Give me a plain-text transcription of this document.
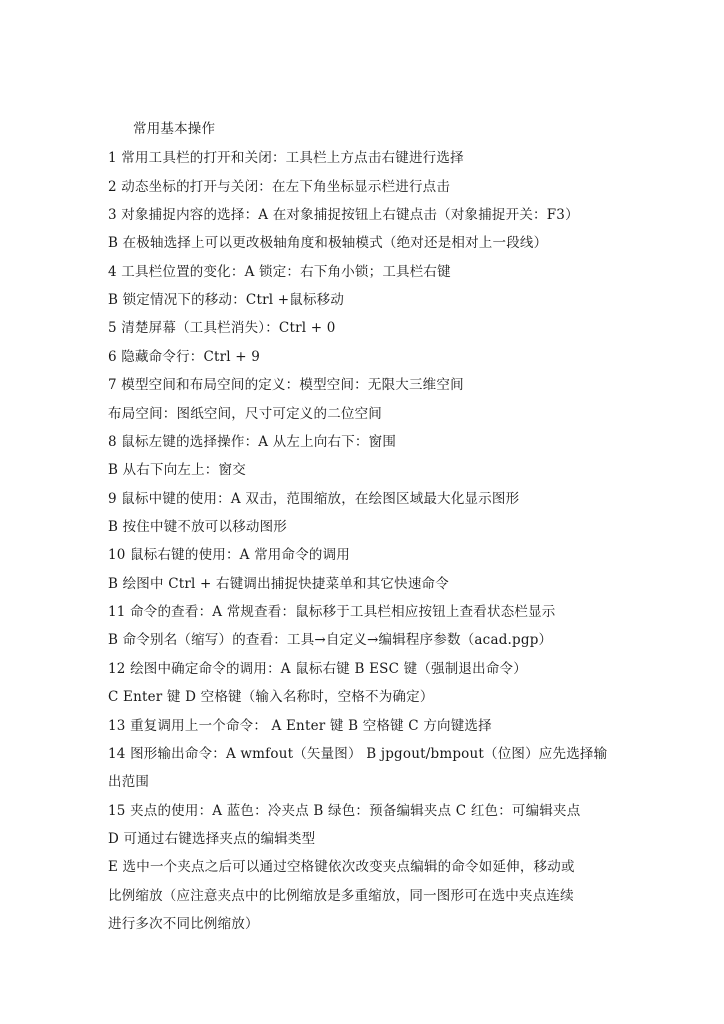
常用基本操作
1 常用工具栏的打开和关闭：工具栏上方点击右键进行选择
2 动态坐标的打开与关闭：在左下角坐标显示栏进行点击
3 对象捕捉内容的选择：A 在对象捕捉按钮上右键点击（对象捕捉开关：F3）
B 在极轴选择上可以更改极轴角度和极轴模式（绝对还是相对上一段线）
4 工具栏位置的变化：A 锁定：右下角小锁；工具栏右键
B 锁定情况下的移动：Ctrl +鼠标移动
5 清楚屏幕（工具栏消失）：Ctrl + 0
6 隐藏命令行：Ctrl + 9
7 模型空间和布局空间的定义：模型空间：无限大三维空间
布局空间：图纸空间，尺寸可定义的二位空间
8 鼠标左键的选择操作：A 从左上向右下：窗围
B 从右下向左上：窗交
9 鼠标中键的使用：A 双击，范围缩放，在绘图区域最大化显示图形
B 按住中键不放可以移动图形
10 鼠标右键的使用：A 常用命令的调用
B 绘图中 Ctrl + 右键调出捕捉快捷菜单和其它快速命令
11 命令的查看：A 常规查看：鼠标移于工具栏相应按钮上查看状态栏显示
B 命令别名（缩写）的查看：工具→自定义→编辑程序参数（acad.pgp）
12 绘图中确定命令的调用：A 鼠标右键 B ESC 键（强制退出命令）
C Enter 键 D 空格键（输入名称时，空格不为确定）
13 重复调用上一个命令： A Enter 键 B 空格键 C 方向键选择
14 图形输出命令：A wmfout（矢量图） B jpgout/bmpout（位图）应先选择输
出范围
15 夹点的使用：A 蓝色：冷夹点 B 绿色：预备编辑夹点 C 红色：可编辑夹点
D 可通过右键选择夹点的编辑类型
E 选中一个夹点之后可以通过空格键依次改变夹点编辑的命令如延伸，移动或
比例缩放（应注意夹点中的比例缩放是多重缩放，同一图形可在选中夹点连续
进行多次不同比例缩放）
